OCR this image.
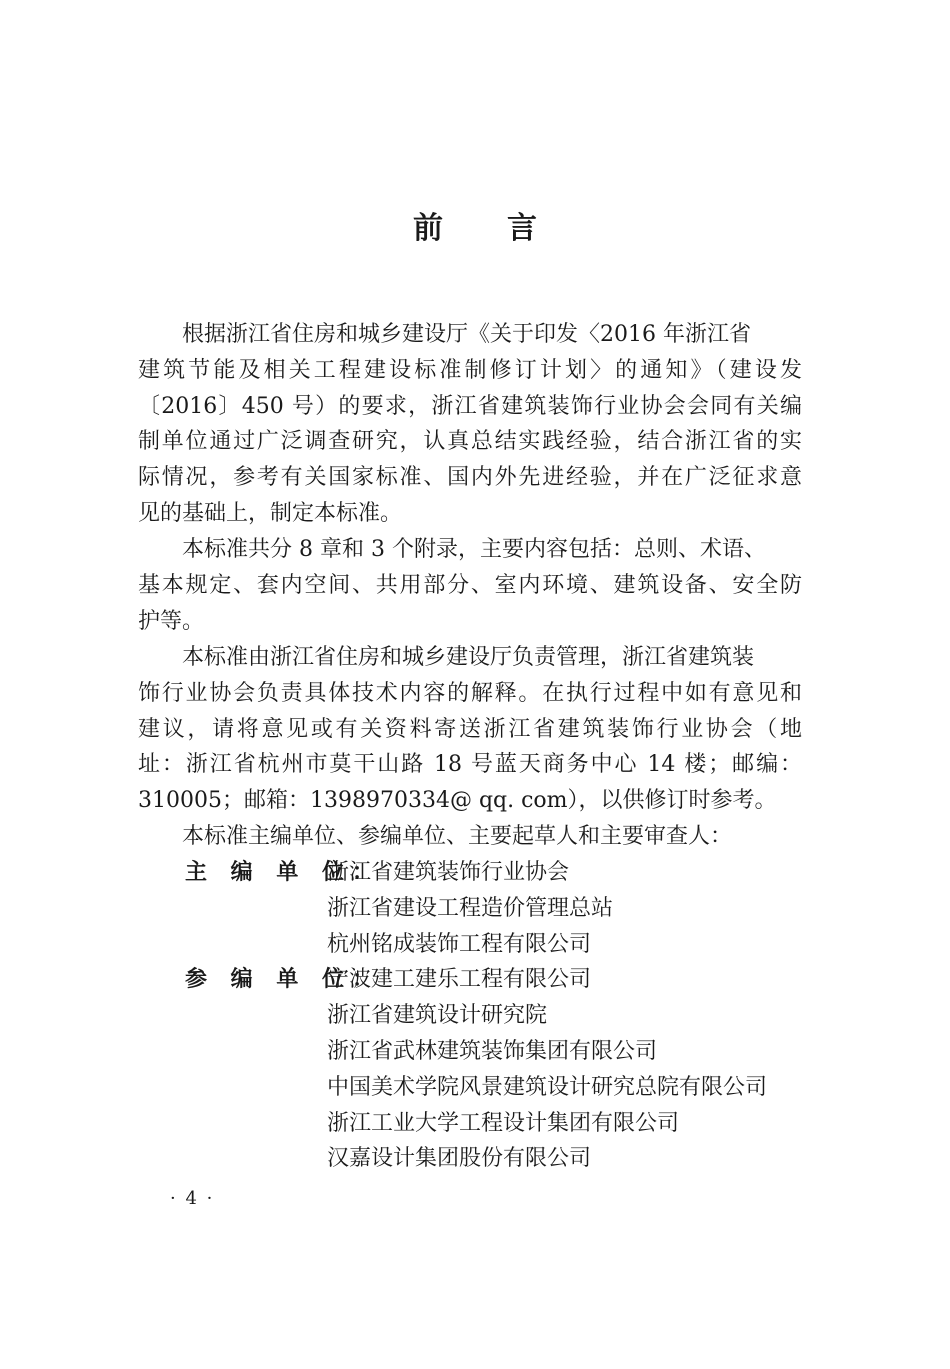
前 言
根据浙江省住房和城乡建设厅《关于印发〈2016 年浙江省
建筑节能及相关工程建设标准制修订计划〉的通知》（建设发
〔2016〕450 号）的要求，浙江省建筑装饰行业协会会同有关编
制单位通过广泛调查研究，认真总结实践经验，结合浙江省的实
际情况，参考有关国家标准、国内外先进经验，并在广泛征求意
见的基础上，制定本标准。
本标准共分 8 章和 3 个附录，主要内容包括：总则、术语、
基本规定、套内空间、共用部分、室内环境、建筑设备、安全防
护等。
本标准由浙江省住房和城乡建设厅负责管理，浙江省建筑装
饰行业协会负责具体技术内容的解释。在执行过程中如有意见和
建议，请将意见或有关资料寄送浙江省建筑装饰行业协会（地
址：浙江省杭州市莫干山路 18 号蓝天商务中心 14 楼；邮编：
310005；邮箱：1398970334@ qq. com），以供修订时参考。
本标准主编单位、参编单位、主要起草人和主要审查人：
主 编 单 位：
浙江省建筑装饰行业协会
浙江省建设工程造价管理总站
杭州铭成装饰工程有限公司
参 编 单 位：
宁波建工建乐工程有限公司
浙江省建筑设计研究院
浙江省武林建筑装饰集团有限公司
中国美术学院风景建筑设计研究总院有限公司
浙江工业大学工程设计集团有限公司
汉嘉设计集团股份有限公司
· 4 ·
